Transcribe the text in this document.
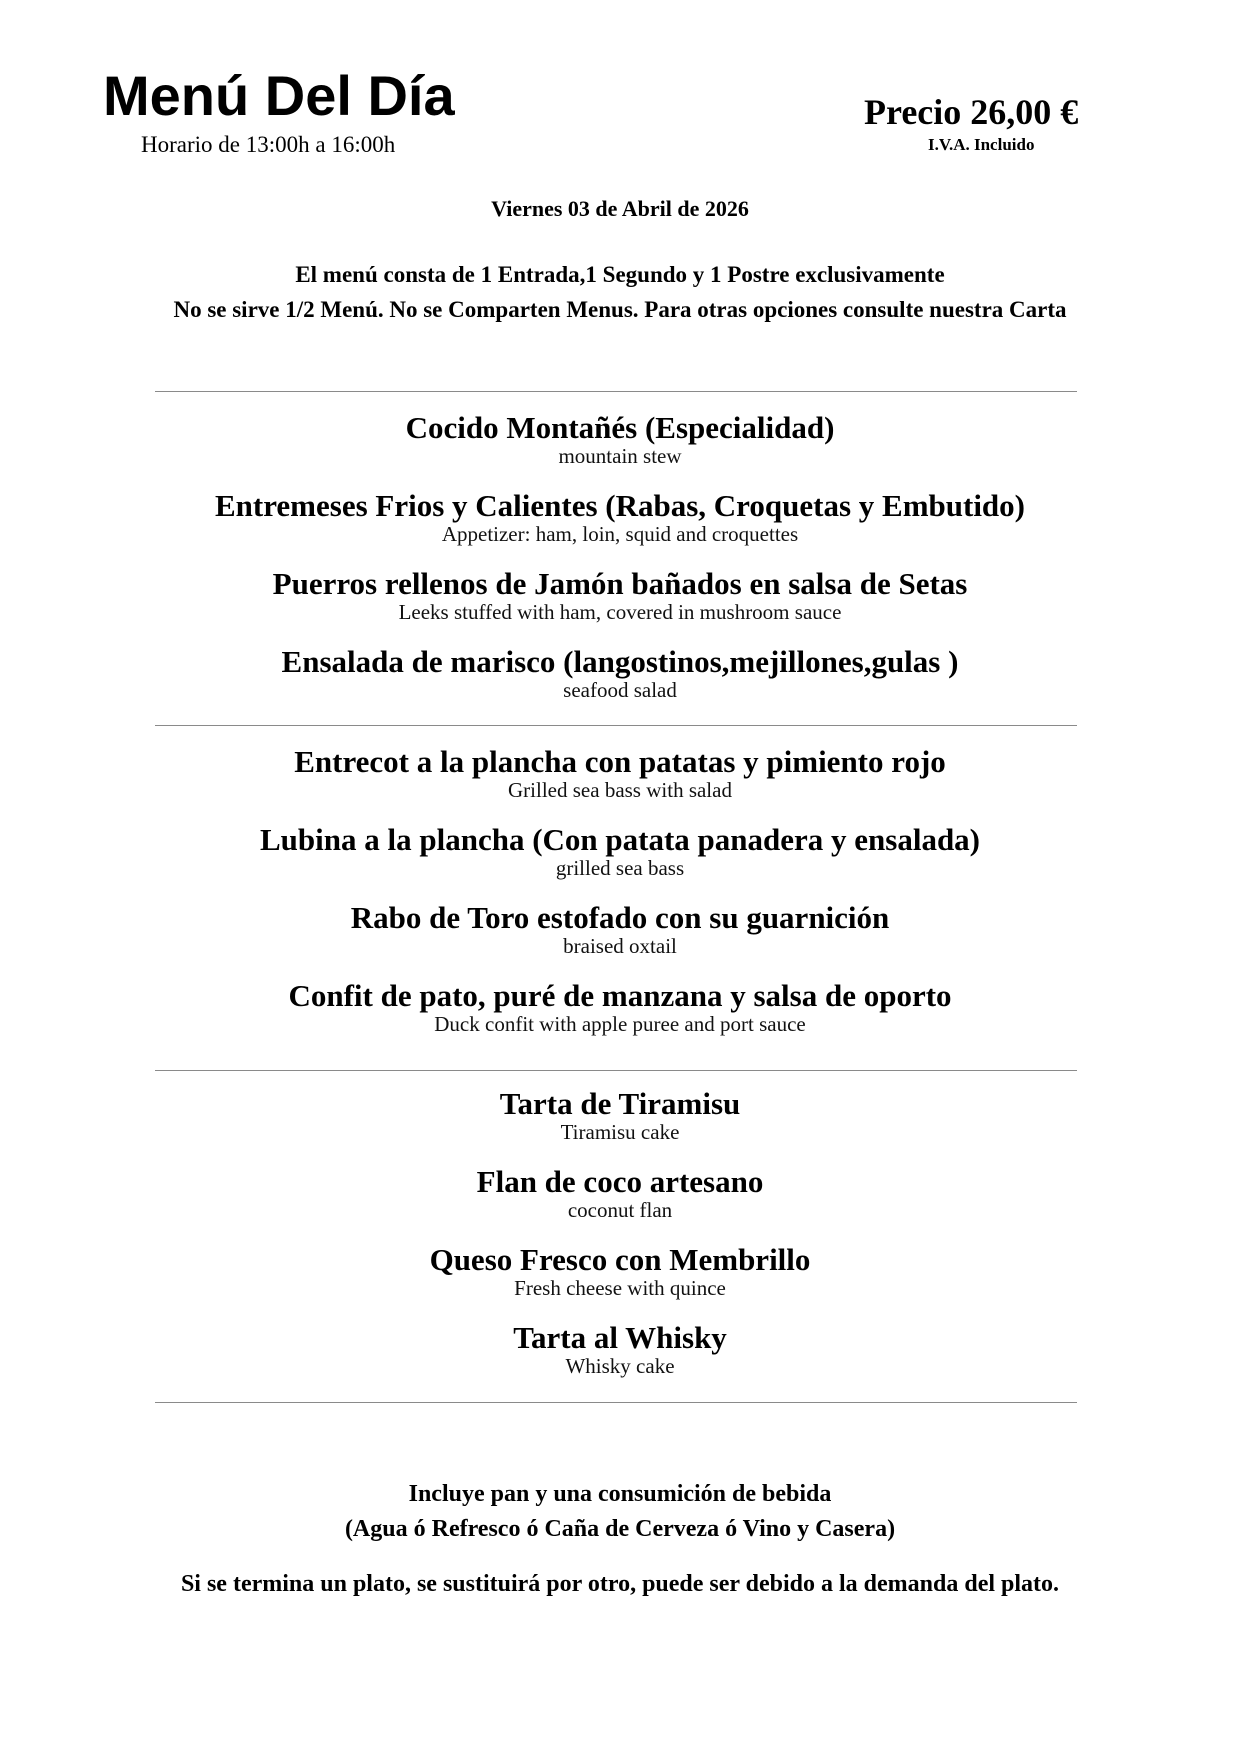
Menú Del Día
Horario de 13:00h a 16:00h
Precio 26,00 €
I.V.A. Incluido
Viernes 03 de Abril de 2026
El menú consta de 1 Entrada,1 Segundo y 1 Postre exclusivamente
No se sirve 1/2 Menú. No se Comparten Menus. Para otras opciones consulte nuestra Carta
Cocido Montañés (Especialidad)
mountain stew
Entremeses Frios y Calientes (Rabas, Croquetas y Embutido)
Appetizer: ham, loin, squid and croquettes
Puerros rellenos de Jamón bañados en salsa de Setas
Leeks stuffed with ham, covered in mushroom sauce
Ensalada de marisco (langostinos,mejillones,gulas )
seafood salad
Entrecot a la plancha con patatas y pimiento rojo
Grilled sea bass with salad
Lubina a la plancha (Con patata panadera y ensalada)
grilled sea bass
Rabo de Toro estofado con su guarnición
braised oxtail
Confit de pato, puré de manzana y salsa de oporto
Duck confit with apple puree and port sauce
Tarta de Tiramisu
Tiramisu cake
Flan de coco artesano
coconut flan
Queso Fresco con Membrillo
Fresh cheese with quince
Tarta al Whisky
Whisky cake
Incluye pan y una consumición de bebida
(Agua ó Refresco ó Caña de Cerveza ó Vino y Casera)
Si se termina un plato, se sustituirá por otro, puede ser debido a la demanda del plato.
